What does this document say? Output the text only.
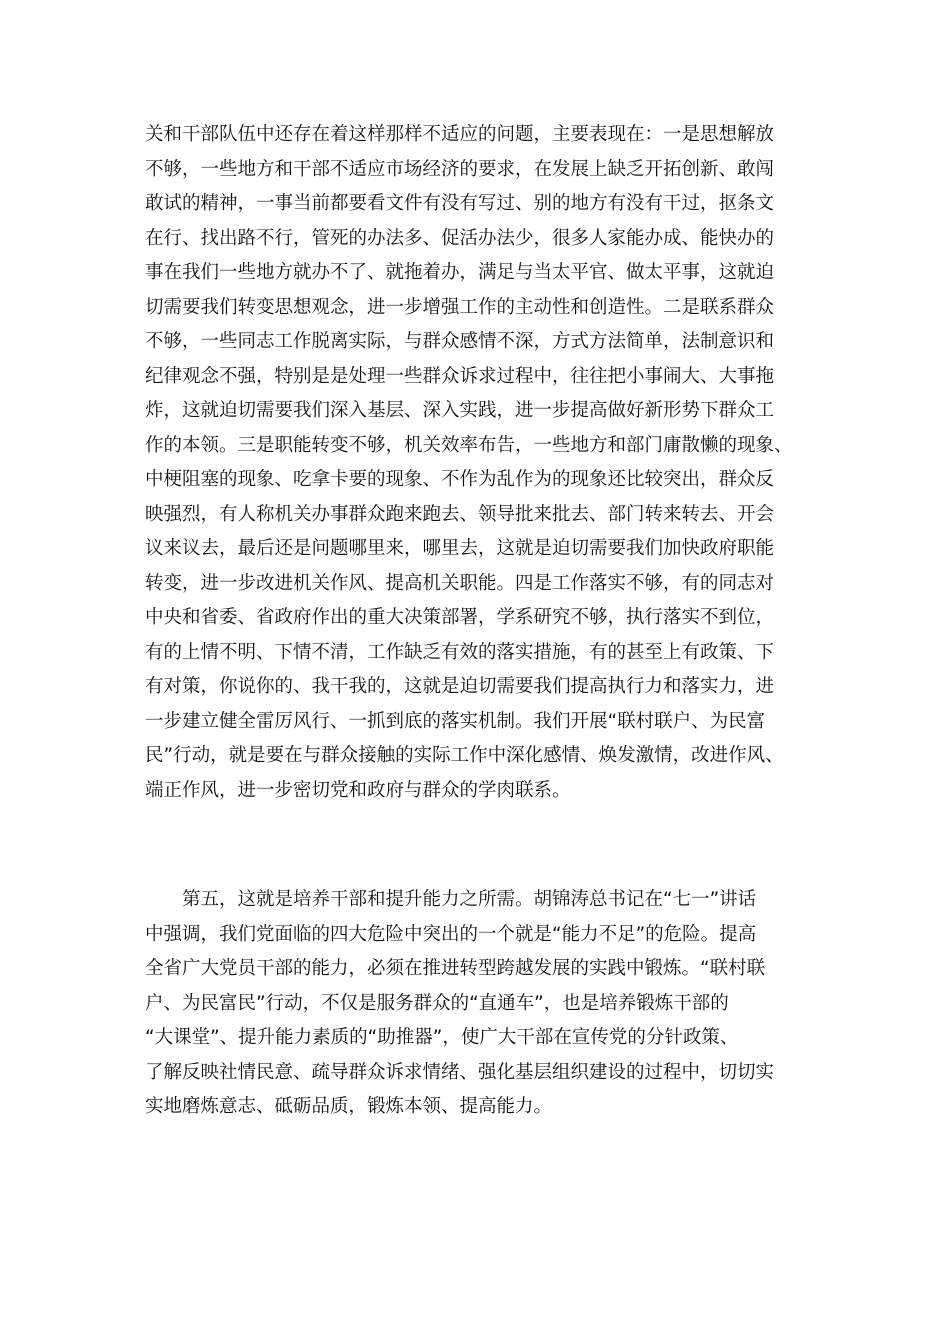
关和干部队伍中还存在着这样那样不适应的问题，主要表现在：一是思想解放
不够，一些地方和干部不适应市场经济的要求，在发展上缺乏开拓创新、敢闯
敢试的精神，一事当前都要看文件有没有写过、别的地方有没有干过，抠条文
在行、找出路不行，管死的办法多、促活办法少，很多人家能办成、能快办的
事在我们一些地方就办不了、就拖着办，满足与当太平官、做太平事，这就迫
切需要我们转变思想观念，进一步增强工作的主动性和创造性。二是联系群众
不够，一些同志工作脱离实际，与群众感情不深，方式方法简单，法制意识和
纪律观念不强，特别是是处理一些群众诉求过程中，往往把小事闹大、大事拖
炸，这就迫切需要我们深入基层、深入实践，进一步提高做好新形势下群众工
作的本领。三是职能转变不够，机关效率布告，一些地方和部门庸散懒的现象、
中梗阻塞的现象、吃拿卡要的现象、不作为乱作为的现象还比较突出，群众反
映强烈，有人称机关办事群众跑来跑去、领导批来批去、部门转来转去、开会
议来议去，最后还是问题哪里来，哪里去，这就是迫切需要我们加快政府职能
转变，进一步改进机关作风、提高机关职能。四是工作落实不够，有的同志对
中央和省委、省政府作出的重大决策部署，学系研究不够，执行落实不到位，
有的上情不明、下情不清，工作缺乏有效的落实措施，有的甚至上有政策、下
有对策，你说你的、我干我的，这就是迫切需要我们提高执行力和落实力，进
一步建立健全雷厉风行、一抓到底的落实机制。我们开展“联村联户、为民富
民”行动，就是要在与群众接触的实际工作中深化感情、焕发激情，改进作风、
端正作风，进一步密切党和政府与群众的学肉联系。
第五，这就是培养干部和提升能力之所需。胡锦涛总书记在“七一”讲话
中强调，我们党面临的四大危险中突出的一个就是“能力不足”的危险。提高
全省广大党员干部的能力，必须在推进转型跨越发展的实践中锻炼。“联村联
户、为民富民”行动，不仅是服务群众的“直通车”，也是培养锻炼干部的
“大课堂”、提升能力素质的“助推器”，使广大干部在宣传党的分针政策、
了解反映社情民意、疏导群众诉求情绪、强化基层组织建设的过程中，切切实
实地磨炼意志、砥砺品质，锻炼本领、提高能力。
